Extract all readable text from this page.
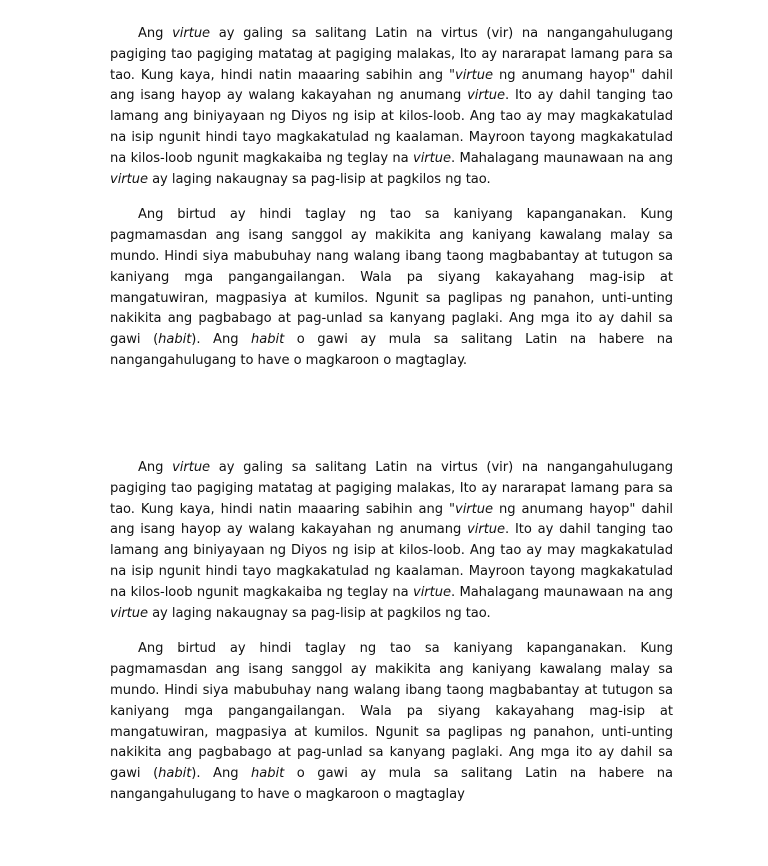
Ang virtue ay galing sa salitang Latin na virtus (vir) na nangangahulugang pagiging tao pagiging matatag at pagiging malakas, Ito ay nararapat lamang para sa tao. Kung kaya, hindi natin maaaring sabihin ang "virtue ng anumang hayop" dahil ang isang hayop ay walang kakayahan ng anumang virtue. Ito ay dahil tanging tao lamang ang biniyayaan ng Diyos ng isip at kilos-loob. Ang tao ay may magkakatulad na isip ngunit hindi tayo magkakatulad ng kaalaman. Mayroon tayong magkakatulad na kilos-loob ngunit magkakaiba ng teglay na virtue. Mahalagang maunawaan na ang virtue ay laging nakaugnay sa pag-lisip at pagkilos ng tao.

Ang birtud ay hindi taglay ng tao sa kaniyang kapanganakan. Kung pagmamasdan ang isang sanggol ay makikita ang kaniyang kawalang malay sa mundo. Hindi siya mabubuhay nang walang ibang taong magbabantay at tutugon sa kaniyang mga pangangailangan. Wala pa siyang kakayahang mag-isip at mangatuwiran, magpasiya at kumilos. Ngunit sa paglipas ng panahon, unti-unting nakikita ang pagbabago at pag-unlad sa kanyang paglaki. Ang mga ito ay dahil sa gawi (habit). Ang habit o gawi ay mula sa salitang Latin na habere na nangangahulugang to have o magkaroon o magtaglay.

Ang virtue ay galing sa salitang Latin na virtus (vir) na nangangahulugang pagiging tao pagiging matatag at pagiging malakas, Ito ay nararapat lamang para sa tao. Kung kaya, hindi natin maaaring sabihin ang "virtue ng anumang hayop" dahil ang isang hayop ay walang kakayahan ng anumang virtue. Ito ay dahil tanging tao lamang ang biniyayaan ng Diyos ng isip at kilos-loob. Ang tao ay may magkakatulad na isip ngunit hindi tayo magkakatulad ng kaalaman. Mayroon tayong magkakatulad na kilos-loob ngunit magkakaiba ng teglay na virtue. Mahalagang maunawaan na ang virtue ay laging nakaugnay sa pag-lisip at pagkilos ng tao.

Ang birtud ay hindi taglay ng tao sa kaniyang kapanganakan. Kung pagmamasdan ang isang sanggol ay makikita ang kaniyang kawalang malay sa mundo. Hindi siya mabubuhay nang walang ibang taong magbabantay at tutugon sa kaniyang mga pangangailangan. Wala pa siyang kakayahang mag-isip at mangatuwiran, magpasiya at kumilos. Ngunit sa paglipas ng panahon, unti-unting nakikita ang pagbabago at pag-unlad sa kanyang paglaki. Ang mga ito ay dahil sa gawi (habit). Ang habit o gawi ay mula sa salitang Latin na habere na nangangahulugang to have o magkaroon o magtaglay
